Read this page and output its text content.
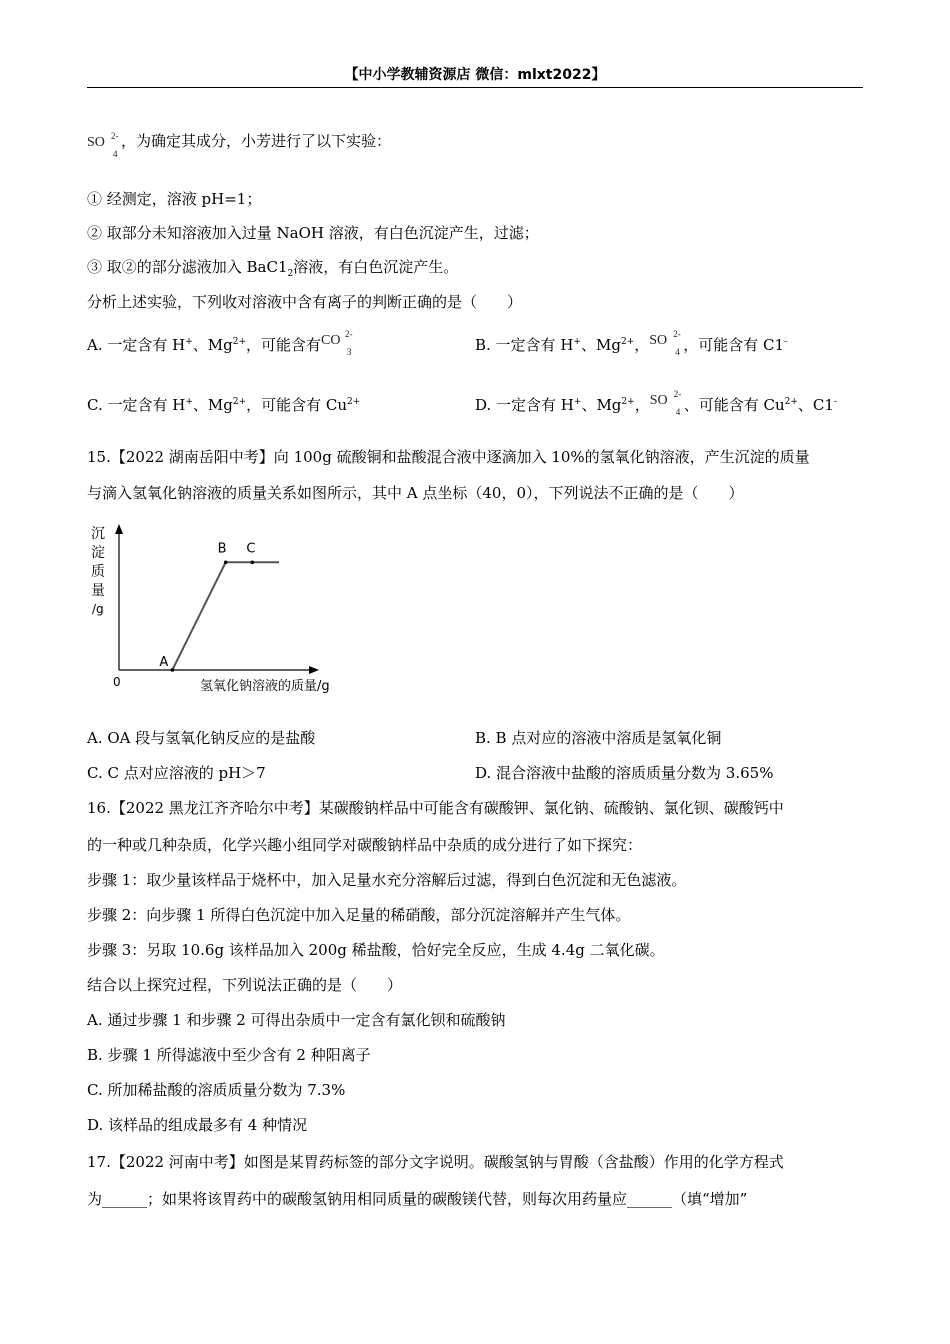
【中小学教辅资源店 微信：mlxt2022】
SO 2-
4
，为确定其成分，小芳进行了以下实验：
① 经测定，溶液 pH=1；
② 取部分未知溶液加入过量 NaOH 溶液，有白色沉淀产生，过滤；
③ 取②的部分滤液加入 $BaC1_2$溶液，有白色沉淀产生。
分析上述实验，下列收对溶液中含有离子的判断正确的是（　　）
A. 一定含有 H+、$Mg^{2+}$，可能含有 CO 2-
3	B. 一定含有 H+、$Mg^{2+}$， SO 2-
4 ，可能含有 C1-
C. 一定含有 H+、$Mg^{2+}$，可能含有 $Cu^{2+}$	D. 一定含有 H+、$Mg^{2+}$， SO 2-
4 、可能含有 $Cu^{2+}$、C1-
15.【2022 湖南岳阳中考】向 100g 硫酸铜和盐酸混合液中逐滴加入 10%的氢氧化钠溶液，产生沉淀的质量
与滴入氢氧化钠溶液的质量关系如图所示，其中 A 点坐标（40，0），下列说法不正确的是（　　）
沉
淀
质
量
/g
0	氢氧化钠溶液的质量/g
A
B C
A. OA 段与氢氧化钠反应的是盐酸	B. B 点对应的溶液中溶质是氢氧化铜
C. C 点对应溶液的 pH＞7	D. 混合溶液中盐酸的溶质质量分数为 3.65%
16.【2022 黑龙江齐齐哈尔中考】某碳酸钠样品中可能含有碳酸钾、氯化钠、硫酸钠、氯化钡、碳酸钙中
的一种或几种杂质，化学兴趣小组同学对碳酸钠样品中杂质的成分进行了如下探究：
步骤 1：取少量该样品于烧杯中，加入足量水充分溶解后过滤，得到白色沉淀和无色滤液。
步骤 2：向步骤 1 所得白色沉淀中加入足量的稀硝酸，部分沉淀溶解并产生气体。
步骤 3：另取 10.6g 该样品加入 200g 稀盐酸，恰好完全反应，生成 4.4g 二氧化碳。
结合以上探究过程，下列说法正确的是（　　）
A. 通过步骤 1 和步骤 2 可得出杂质中一定含有氯化钡和硫酸钠
B. 步骤 1 所得滤液中至少含有 2 种阳离子
C. 所加稀盐酸的溶质质量分数为 7.3%
D. 该样品的组成最多有 4 种情况
17.【2022 河南中考】如图是某胃药标签的部分文字说明。碳酸氢钠与胃酸（含盐酸）作用的化学方程式
为______；如果将该胃药中的碳酸氢钠用相同质量的碳酸镁代替，则每次用药量应______（填“增加”
